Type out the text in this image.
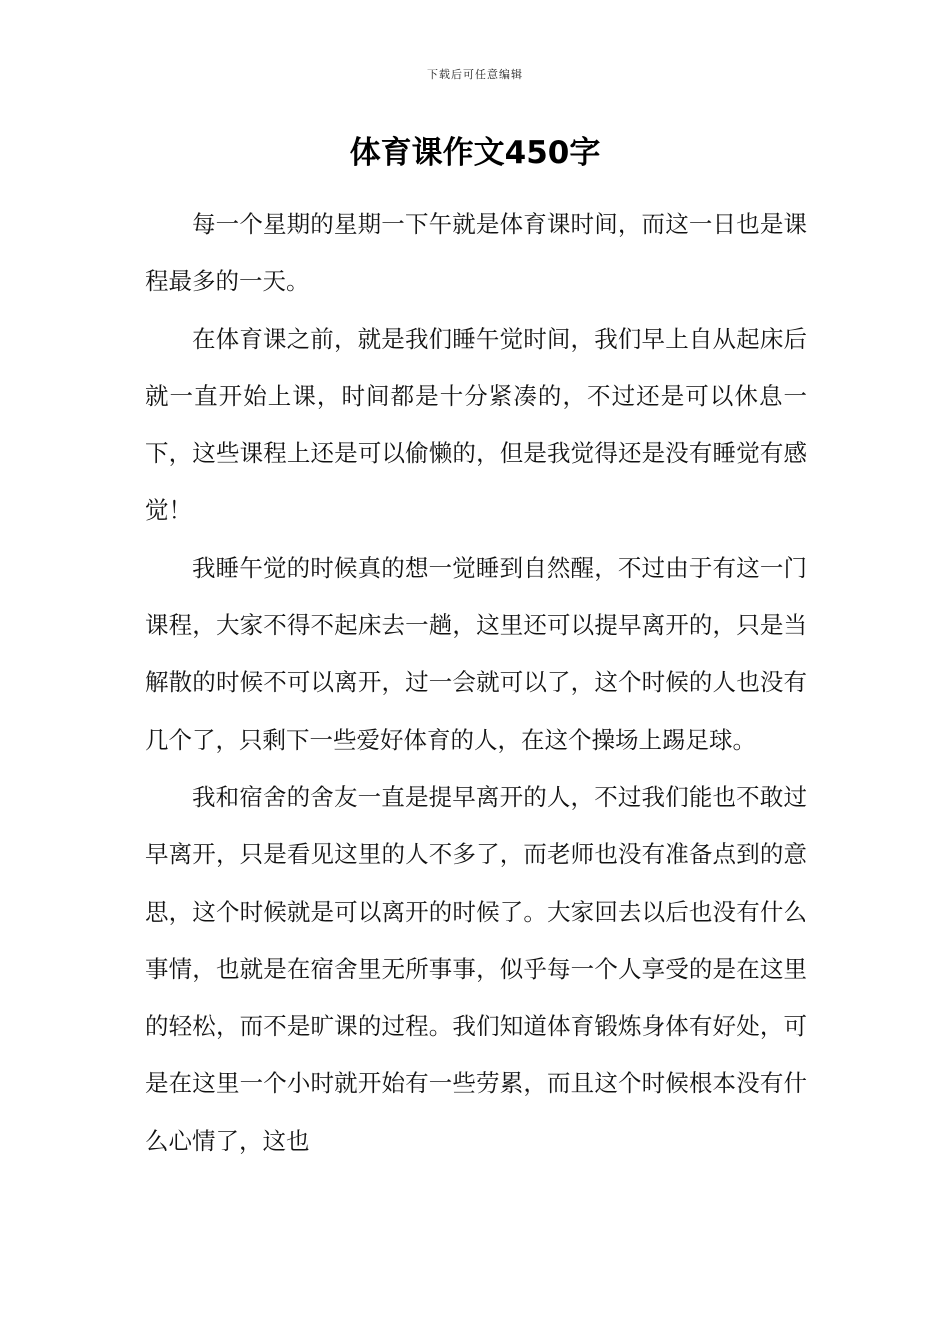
下载后可任意编辑
体育课作文450字

每一个星期的星期一下午就是体育课时间，而这一日也是课程最多的一天。

在体育课之前，就是我们睡午觉时间，我们早上自从起床后就一直开始上课，时间都是十分紧凑的，不过还是可以休息一下，这些课程上还是可以偷懒的，但是我觉得还是没有睡觉有感觉！

我睡午觉的时候真的想一觉睡到自然醒，不过由于有这一门课程，大家不得不起床去一趟，这里还可以提早离开的，只是当解散的时候不可以离开，过一会就可以了，这个时候的人也没有几个了，只剩下一些爱好体育的人，在这个操场上踢足球。

我和宿舍的舍友一直是提早离开的人，不过我们能也不敢过早离开，只是看见这里的人不多了，而老师也没有准备点到的意思，这个时候就是可以离开的时候了。大家回去以后也没有什么事情，也就是在宿舍里无所事事，似乎每一个人享受的是在这里的轻松，而不是旷课的过程。我们知道体育锻炼身体有好处，可是在这里一个小时就开始有一些劳累，而且这个时候根本没有什么心情了，这也
